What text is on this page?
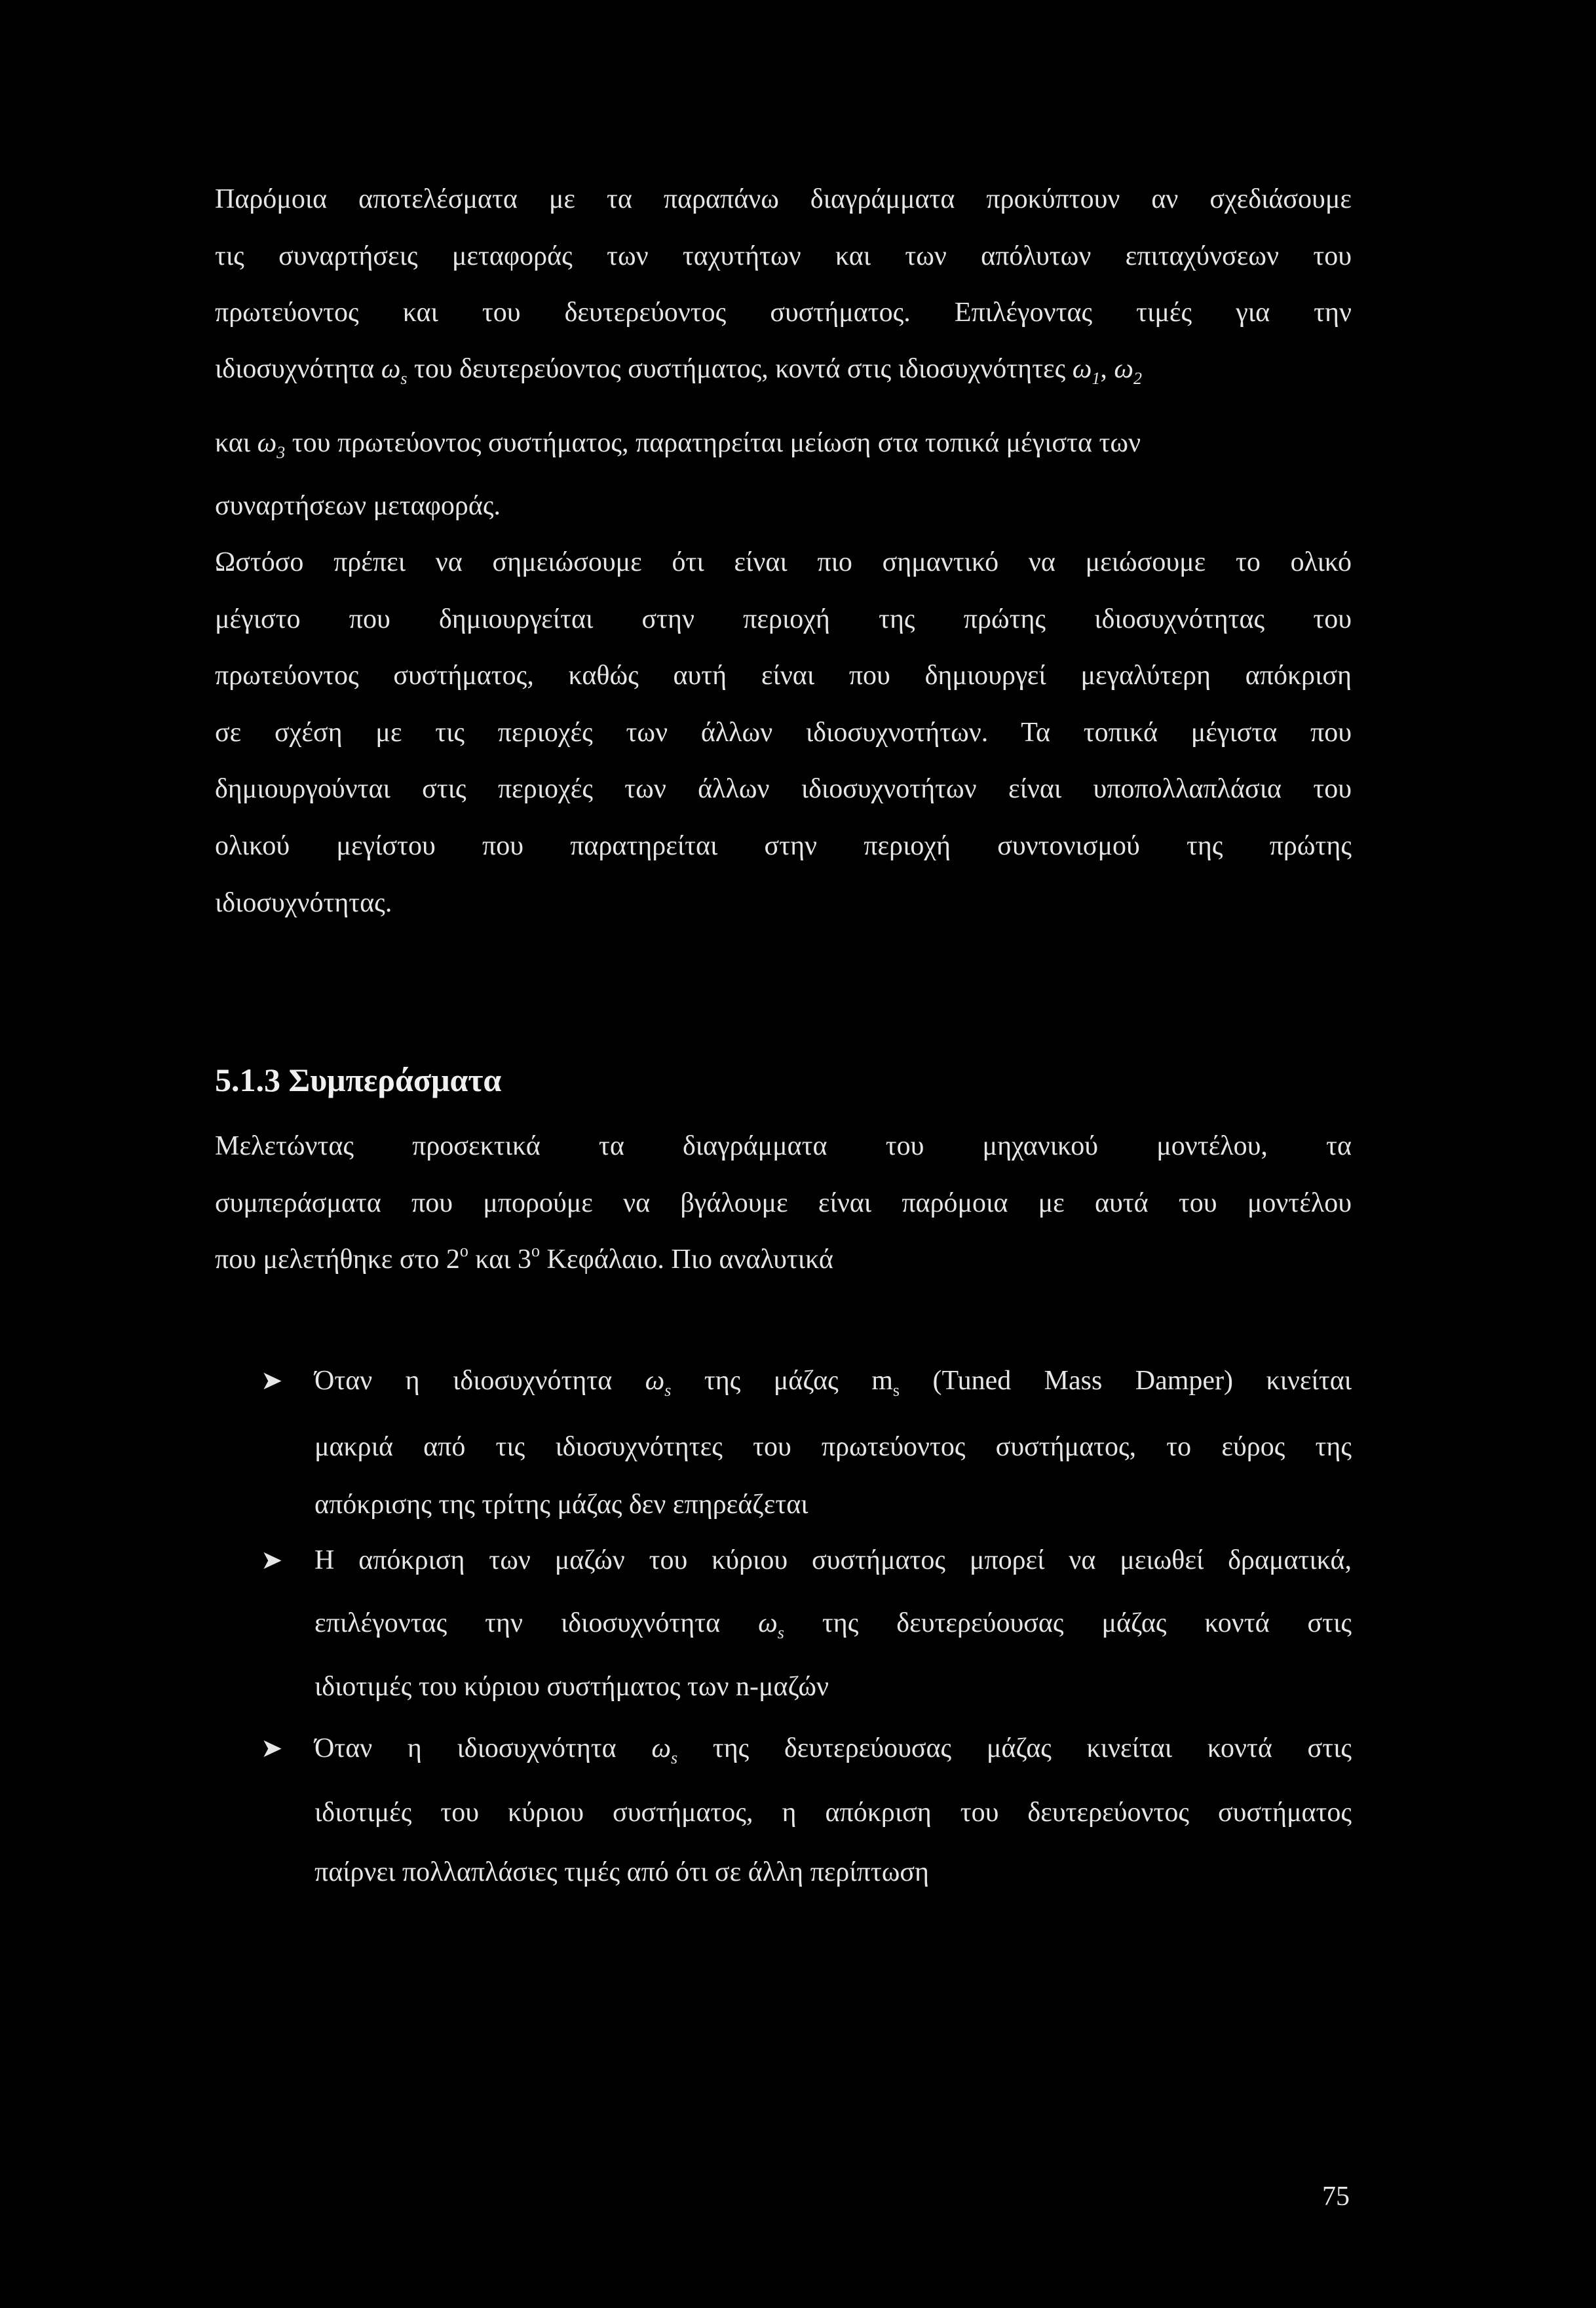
Παρόμοια αποτελέσματα με τα παραπάνω διαγράμματα προκύπτουν αν σχεδιάσουμε
τις συναρτήσεις μεταφοράς των ταχυτήτων και των απόλυτων επιταχύνσεων του
πρωτεύοντος και του δευτερεύοντος συστήματος. Επιλέγοντας τιμές για την
ιδιοσυχνότητα $\omega_s$ του δευτερεύοντος συστήματος, κοντά στις ιδιοσυχνότητες $\omega_1$, $\omega_2$
και $\omega_3$ του πρωτεύοντος συστήματος, παρατηρείται μείωση στα τοπικά μέγιστα των
συναρτήσεων μεταφοράς.
Ωστόσο πρέπει να σημειώσουμε ότι είναι πιο σημαντικό να μειώσουμε το ολικό
μέγιστο που δημιουργείται στην περιοχή της πρώτης ιδιοσυχνότητας του
πρωτεύοντος συστήματος, καθώς αυτή είναι που δημιουργεί μεγαλύτερη απόκριση
σε σχέση με τις περιοχές των άλλων ιδιοσυχνοτήτων. Τα τοπικά μέγιστα που
δημιουργούνται στις περιοχές των άλλων ιδιοσυχνοτήτων είναι υποπολλαπλάσια του
ολικού μεγίστου που παρατηρείται στην περιοχή συντονισμού της πρώτης
ιδιοσυχνότητας.
5.1.3 Συμπεράσματα
Μελετώντας προσεκτικά τα διαγράμματα του μηχανικού μοντέλου, τα
συμπεράσματα που μπορούμε να βγάλουμε είναι παρόμοια με αυτά του μοντέλου
που μελετήθηκε στο $2^o$ και $3^o$ Κεφάλαιο. Πιο αναλυτικά
➤ Όταν η ιδιοσυχνότητα $\omega_s$ της μάζας $m_s$ (Tuned Mass Damper) κινείται
μακριά από τις ιδιοσυχνότητες του πρωτεύοντος συστήματος, το εύρος της
απόκρισης της τρίτης μάζας δεν επηρεάζεται
➤ Η απόκριση των μαζών του κύριου συστήματος μπορεί να μειωθεί δραματικά,
επιλέγοντας την ιδιοσυχνότητα $\omega_s$ της δευτερεύουσας μάζας κοντά στις
ιδιοτιμές του κύριου συστήματος των n-μαζών
➤ Όταν η ιδιοσυχνότητα $\omega_s$ της δευτερεύουσας μάζας κινείται κοντά στις
ιδιοτιμές του κύριου συστήματος, η απόκριση του δευτερεύοντος συστήματος
παίρνει πολλαπλάσιες τιμές από ότι σε άλλη περίπτωση
75
